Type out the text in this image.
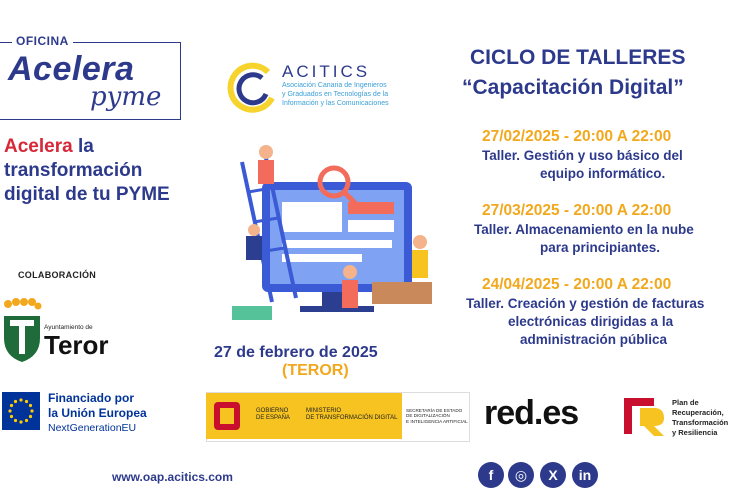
OFICINA
Acelera
pyme
Acelera la
transformación
digital de tu PYME
COLABORACIÓN
Ayuntamiento de
Teror
Financiado por
la Unión Europea
NextGenerationEU
www.oap.acitics.com
ACITICS
Asociación Canaria de Ingenieros
y Graduados en Tecnologías de la
Información y las Comunicaciones
27 de febrero de 2025
(TEROR)
GOBIERNO
DE ESPAÑA
MINISTERIO
DE TRANSFORMACIÓN DIGITAL
SECRETARÍA DE ESTADO
DE DIGITALIZACIÓN
E INTELIGENCIA ARTIFICIAL
CICLO DE TALLERES
“Capacitación Digital”
27/02/2025 - 20:00 A 22:00
Taller. Gestión y uso básico del
equipo informático.
27/03/2025 - 20:00 A 22:00
Taller. Almacenamiento en la nube
para principiantes.
24/04/2025 - 20:00 A 22:00
Taller. Creación y gestión de facturas
electrónicas dirigidas a la
administración pública
red.es	Plan de
Recuperación,
Transformación
y Resiliencia
f	◎	X	in
